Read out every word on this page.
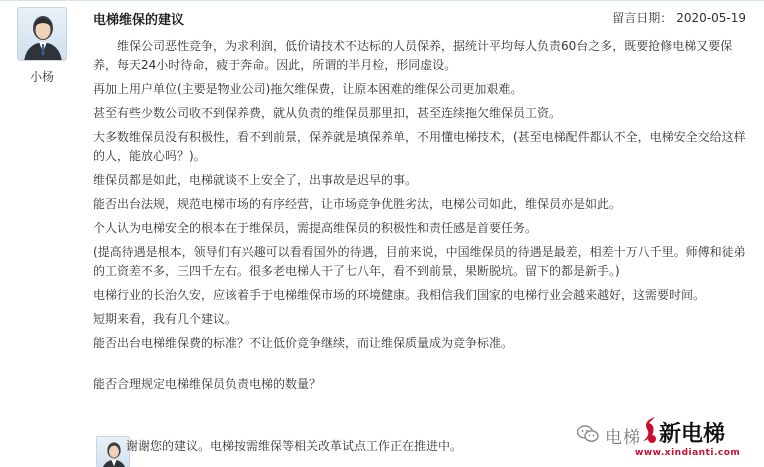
小杨
电梯维保的建议	留言日期： 2020-05-19

维保公司恶性竞争，为求利润，低价请技术不达标的人员保养，据统计平均每人负责60台之多，既要抢修电梯又要保养，每天24小时待命，疲于奔命。因此，所谓的半月检，形同虚设。

再加上用户单位(主要是物业公司)拖欠维保费，让原本困难的维保公司更加艰难。

甚至有些少数公司收不到保养费，就从负责的维保员那里扣，甚至连续拖欠维保员工资。

大多数维保员没有积极性，看不到前景，保养就是填保养单，不用懂电梯技术，(甚至电梯配件都认不全，电梯安全交给这样的人，能放心吗？)。

维保员都是如此，电梯就谈不上安全了，出事故是迟早的事。

能否出台法规，规范电梯市场的有序经营，让市场竞争优胜劣汰，电梯公司如此，维保员亦是如此。

个人认为电梯安全的根本在于维保员，需提高维保员的积极性和责任感是首要任务。

(提高待遇是根本，领导们有兴趣可以看看国外的待遇，目前来说，中国维保员的待遇是最差，相差十万八千里。师傅和徒弟的工资差不多，三四千左右。很多老电梯人干了七八年，看不到前景，果断脱坑。留下的都是新手。)

电梯行业的长治久安，应该着手于电梯维保市场的环境健康。我相信我们国家的电梯行业会越来越好，这需要时间。

短期来看，我有几个建议。

能否出台电梯维保费的标准？不让低价竞争继续，而让维保质量成为竞争标准。

能否合理规定电梯维保员负责电梯的数量？

谢谢您的建议。电梯按需维保等相关改革试点工作正在推进中。	电梯 新电梯
www.xindianti.com
